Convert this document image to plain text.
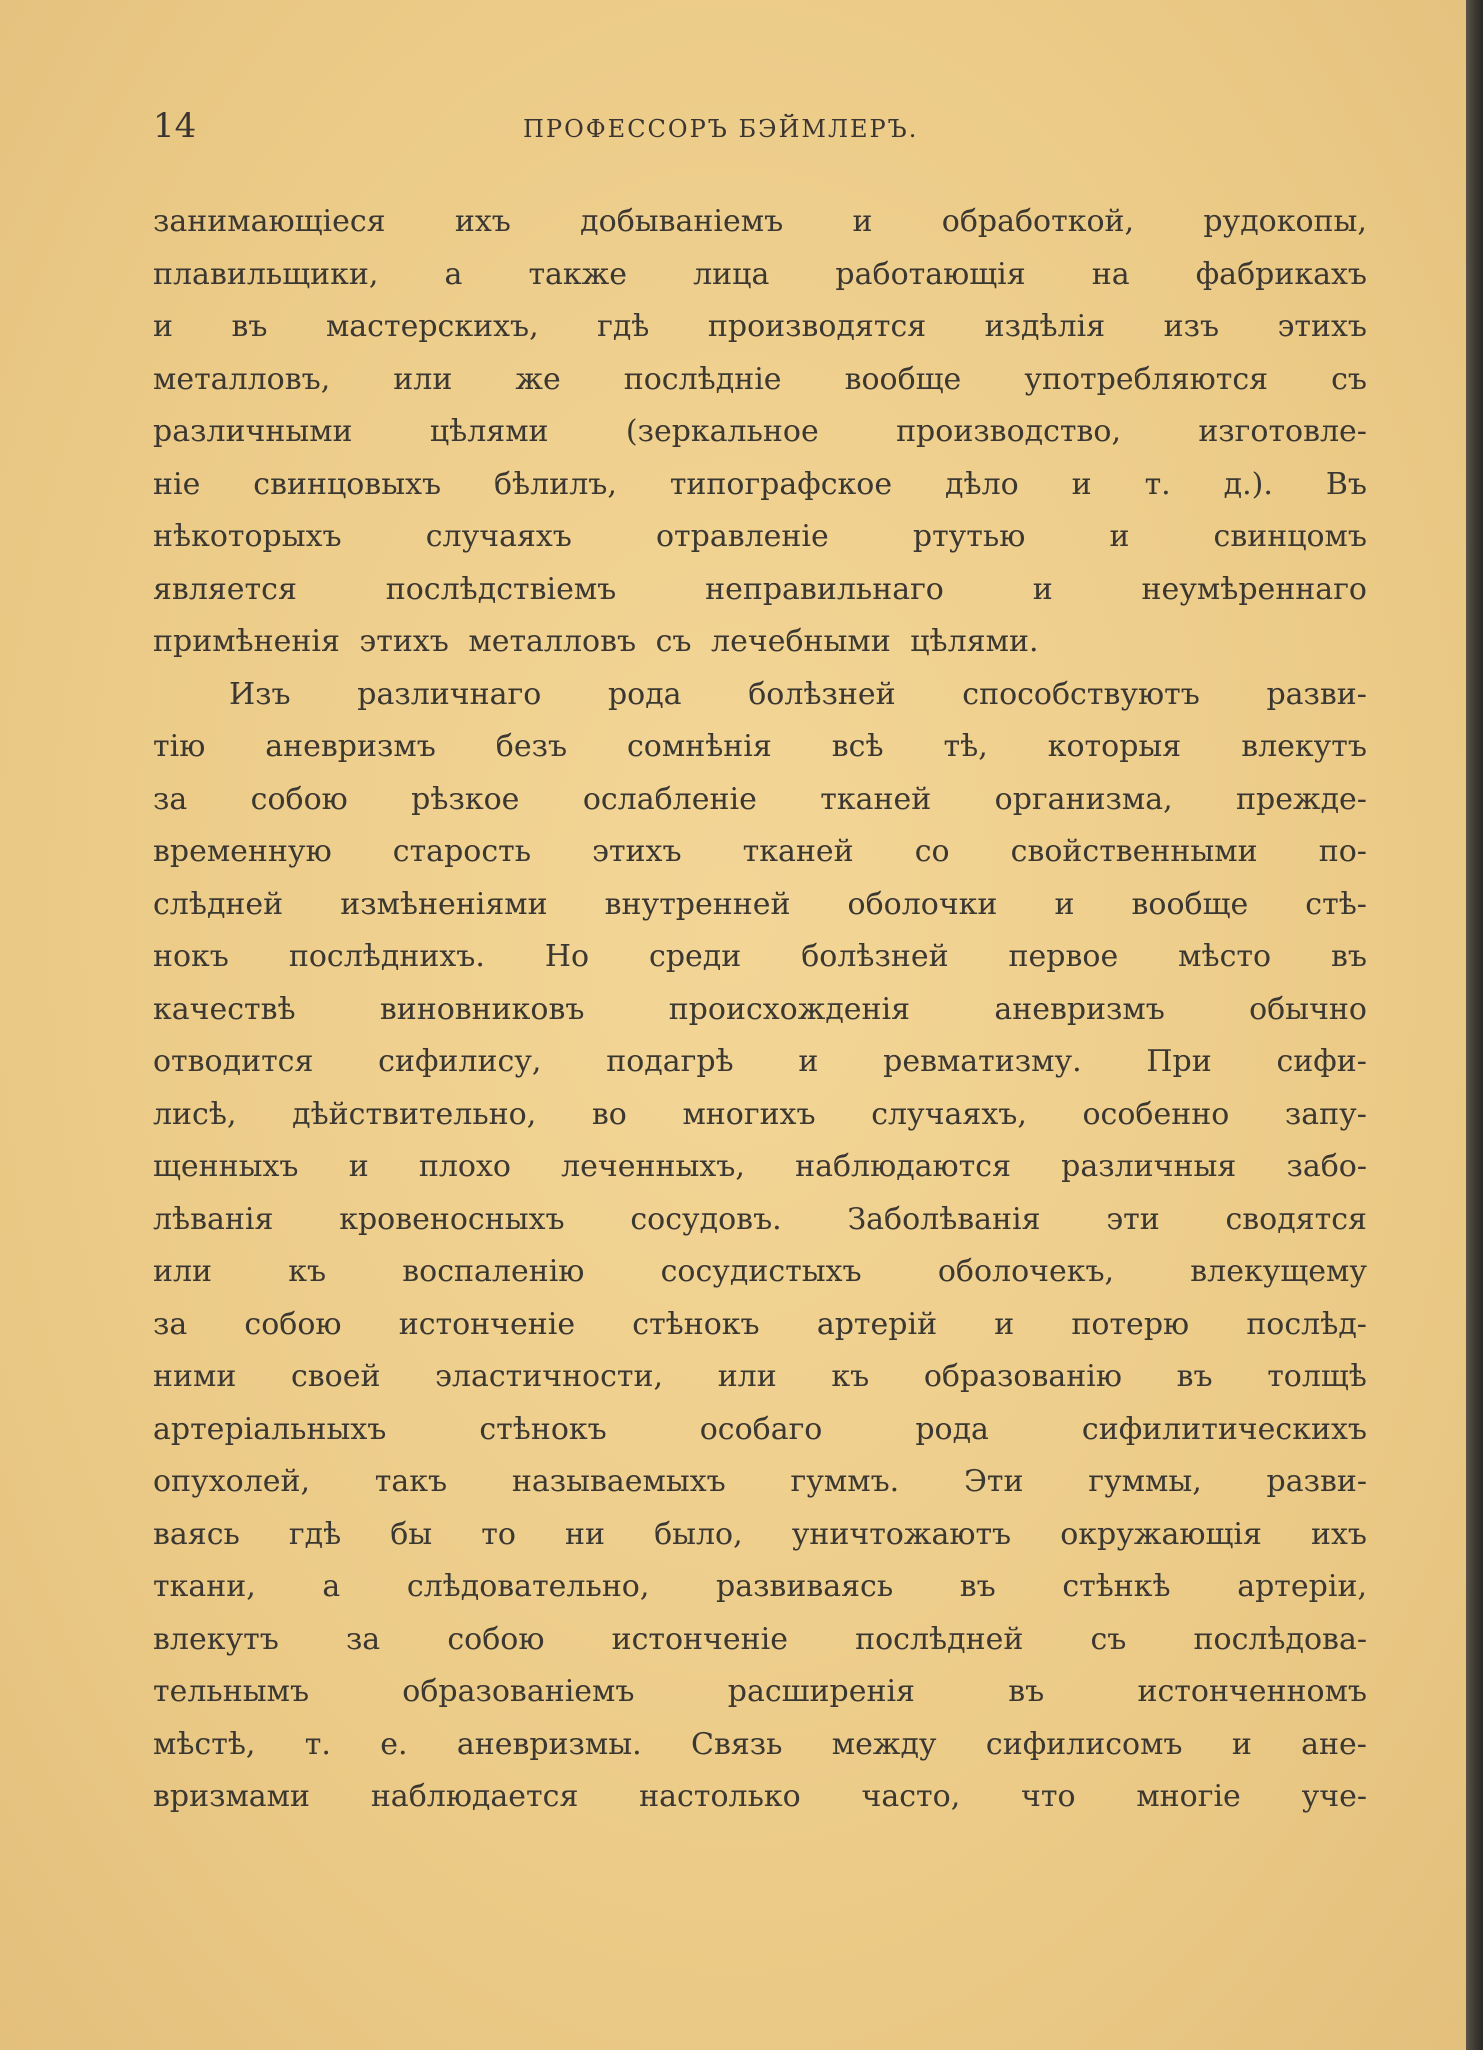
14	ПРОФЕССОРЪ БЭЙМЛЕРЪ.
занимающіеся ихъ добываніемъ и обработкой, рудокопы,
плавильщики, а также лица работающія на фабрикахъ
и въ мастерскихъ, гдѣ производятся издѣлія изъ этихъ
металловъ, или же послѣдніе вообще употребляются съ
различными	цѣлями	(зеркальное	производство,	изготовле-
ніе свинцовыхъ бѣлилъ, типографское дѣло и т. д.). Въ
нѣкоторыхъ	случаяхъ	отравленіе	ртутью	и	свинцомъ
является	послѣдствіемъ	неправильнаго	и	неумѣреннаго
примѣненія этихъ металловъ съ лечебными цѣлями.
Изъ различнаго рода болѣзней способствуютъ разви-
тію аневризмъ безъ сомнѣнія всѣ тѣ, которыя влекутъ
за собою рѣзкое ослабленіе тканей организма, прежде-
временную старость этихъ тканей со свойственными по-
слѣдней измѣненіями внутренней оболочки и вообще стѣ-
нокъ послѣднихъ. Но среди болѣзней первое мѣсто въ
качествѣ	виновниковъ	происхожденія	аневризмъ	обычно
отводится сифилису, подагрѣ и ревматизму. При сифи-
лисѣ, дѣйствительно, во многихъ случаяхъ, особенно запу-
щенныхъ и плохо леченныхъ, наблюдаются различныя забо-
лѣванія кровеносныхъ сосудовъ. Заболѣванія эти сводятся
или	къ	воспаленію	сосудистыхъ	оболочекъ,	влекущему
за собою истонченіе стѣнокъ артерій и потерю послѣд-
ними своей эластичности, или къ образованію въ толщѣ
артеріальныхъ	стѣнокъ	особаго	рода	сифилитическихъ
опухолей, такъ называемыхъ гуммъ. Эти гуммы, разви-
ваясь гдѣ бы то ни было, уничтожаютъ окружающія ихъ
ткани, а слѣдовательно, развиваясь въ стѣнкѣ артеріи,
влекутъ за собою истонченіе послѣдней съ послѣдова-
тельнымъ	образованіемъ	расширенія	въ	истонченномъ
мѣстѣ, т. е. аневризмы. Связь между сифилисомъ и ане-
вризмами наблюдается настолько часто, что многіе уче-
